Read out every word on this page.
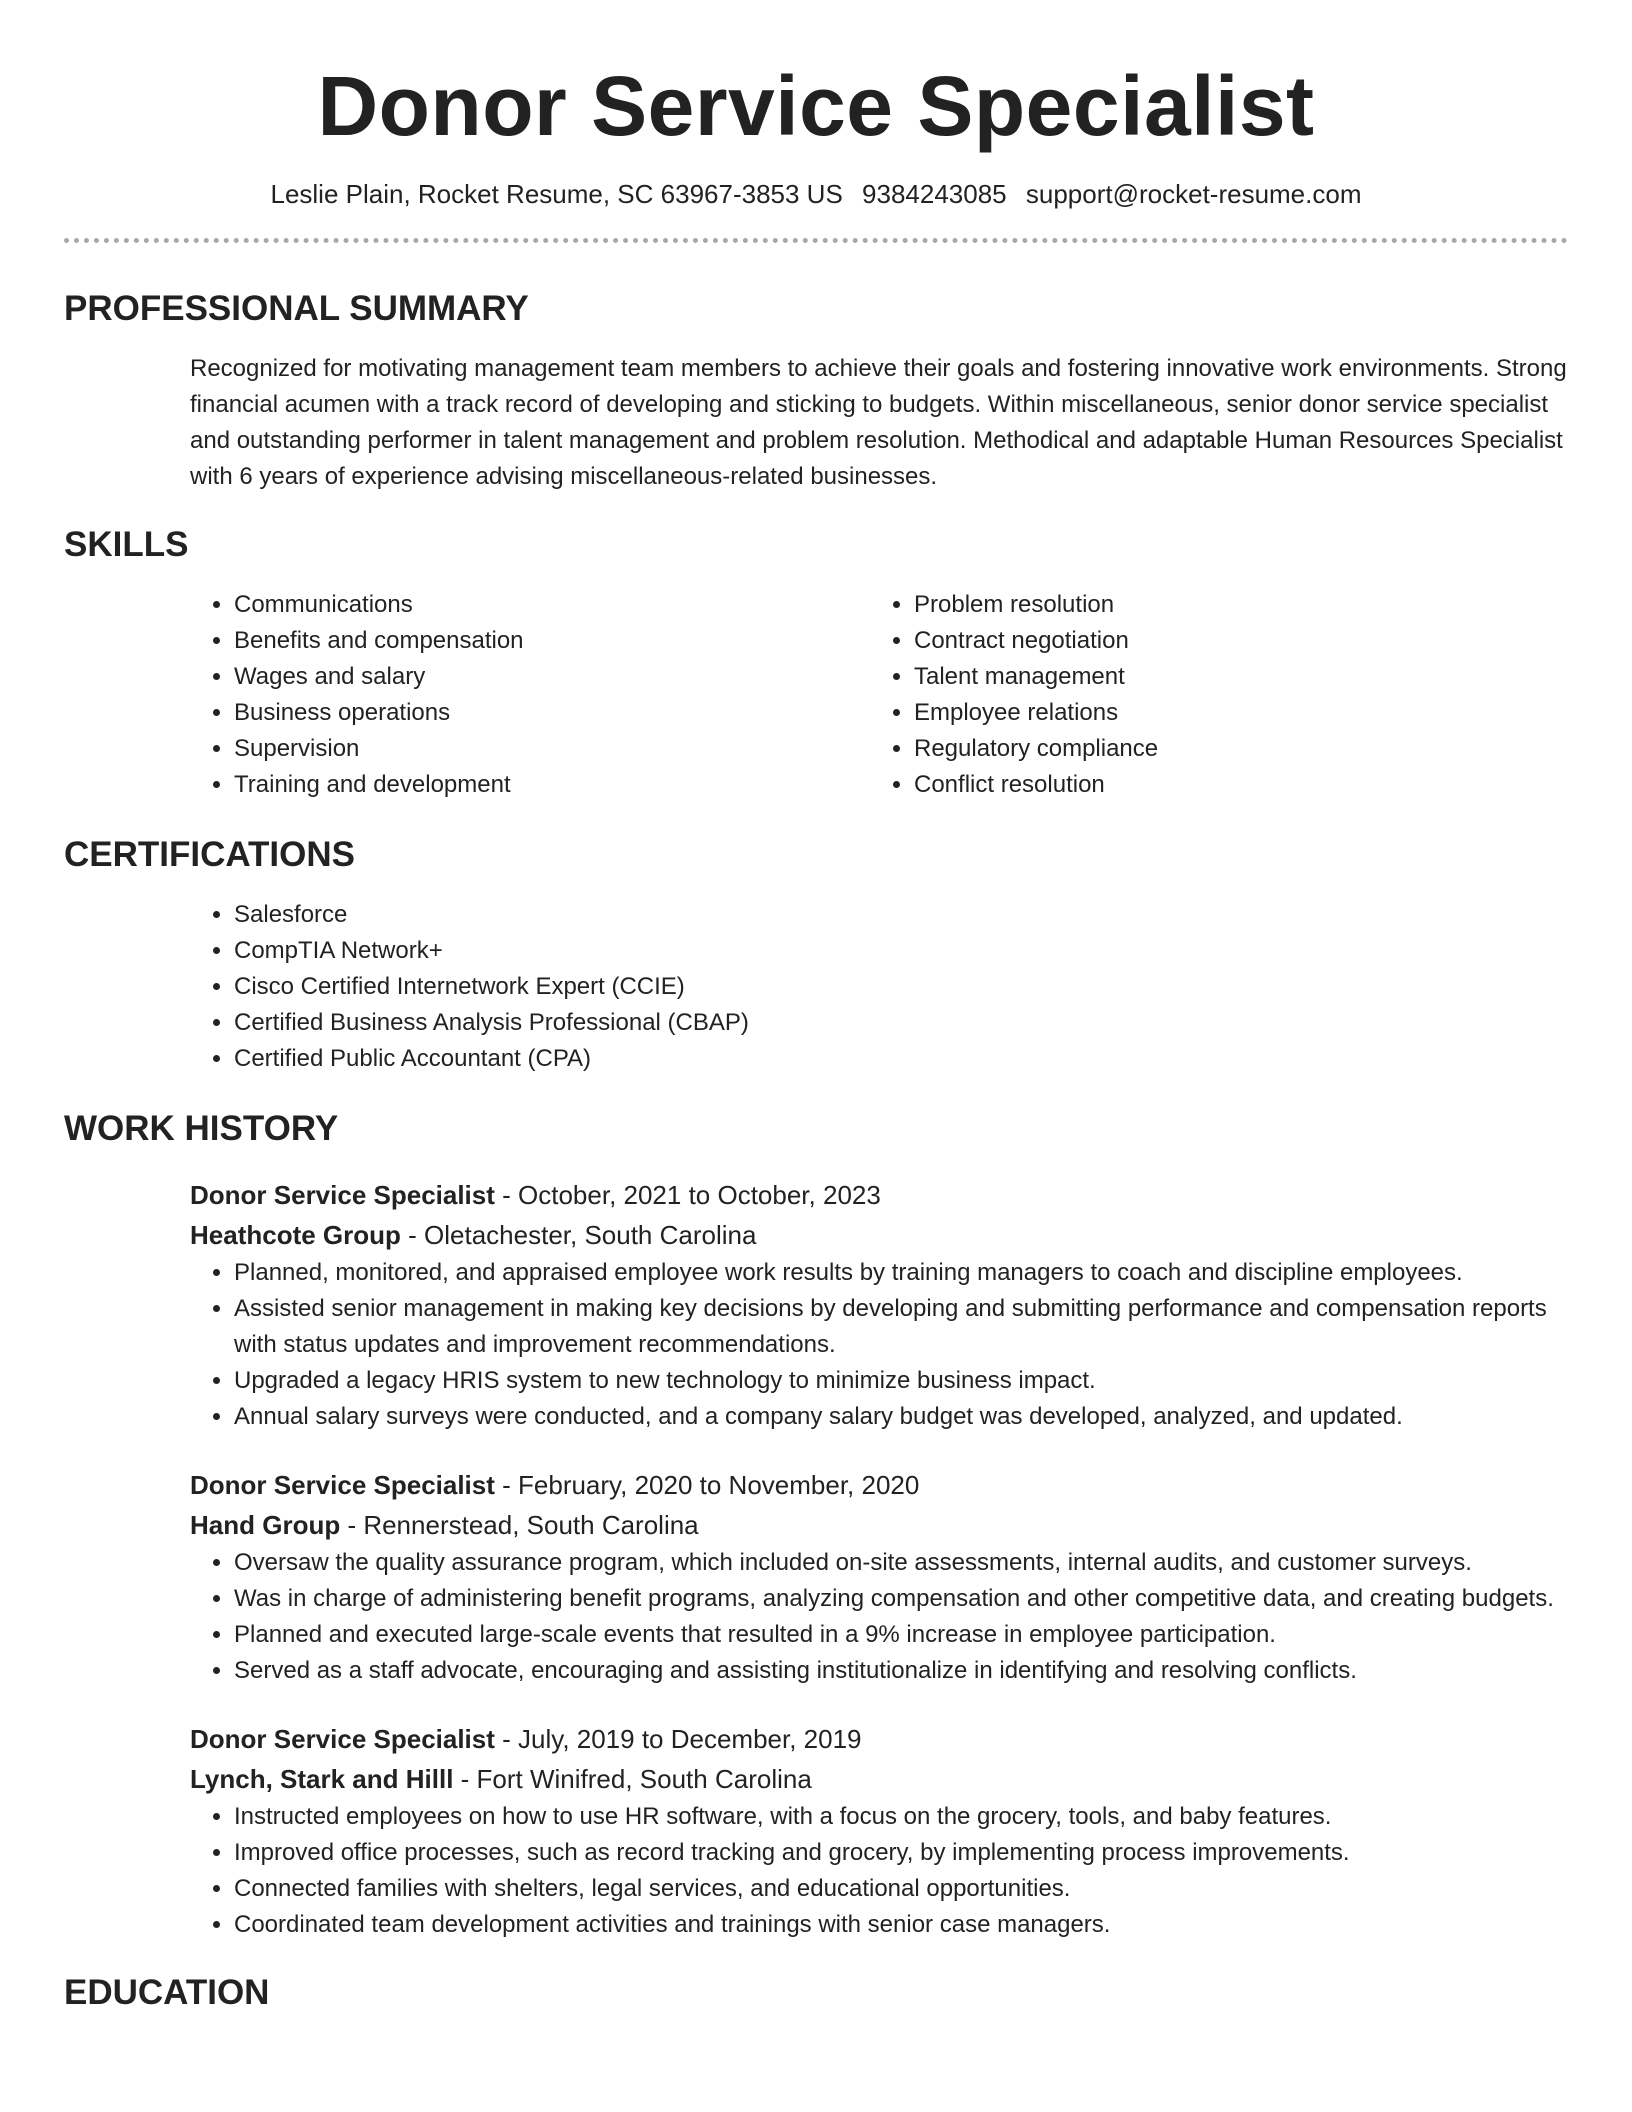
Donor Service Specialist
Leslie Plain, Rocket Resume, SC 63967-3853 US 9384243085 support@rocket-resume.com
PROFESSIONAL SUMMARY
Recognized for motivating management team members to achieve their goals and fostering innovative work environments. Strong financial acumen with a track record of developing and sticking to budgets. Within miscellaneous, senior donor service specialist and outstanding performer in talent management and problem resolution. Methodical and adaptable Human Resources Specialist with 6 years of experience advising miscellaneous-related businesses.
SKILLS
• Communications
• Benefits and compensation
• Wages and salary
• Business operations
• Supervision
• Training and development
• Problem resolution
• Contract negotiation
• Talent management
• Employee relations
• Regulatory compliance
• Conflict resolution
CERTIFICATIONS
• Salesforce
• CompTIA Network+
• Cisco Certified Internetwork Expert (CCIE)
• Certified Business Analysis Professional (CBAP)
• Certified Public Accountant (CPA)
WORK HISTORY
Donor Service Specialist - October, 2021 to October, 2023
Heathcote Group - Oletachester, South Carolina
• Planned, monitored, and appraised employee work results by training managers to coach and discipline employees.
• Assisted senior management in making key decisions by developing and submitting performance and compensation reports with status updates and improvement recommendations.
• Upgraded a legacy HRIS system to new technology to minimize business impact.
• Annual salary surveys were conducted, and a company salary budget was developed, analyzed, and updated.
Donor Service Specialist - February, 2020 to November, 2020
Hand Group - Rennerstead, South Carolina
• Oversaw the quality assurance program, which included on-site assessments, internal audits, and customer surveys.
• Was in charge of administering benefit programs, analyzing compensation and other competitive data, and creating budgets.
• Planned and executed large-scale events that resulted in a 9% increase in employee participation.
• Served as a staff advocate, encouraging and assisting institutionalize in identifying and resolving conflicts.
Donor Service Specialist - July, 2019 to December, 2019
Lynch, Stark and Hilll - Fort Winifred, South Carolina
• Instructed employees on how to use HR software, with a focus on the grocery, tools, and baby features.
• Improved office processes, such as record tracking and grocery, by implementing process improvements.
• Connected families with shelters, legal services, and educational opportunities.
• Coordinated team development activities and trainings with senior case managers.
EDUCATION
